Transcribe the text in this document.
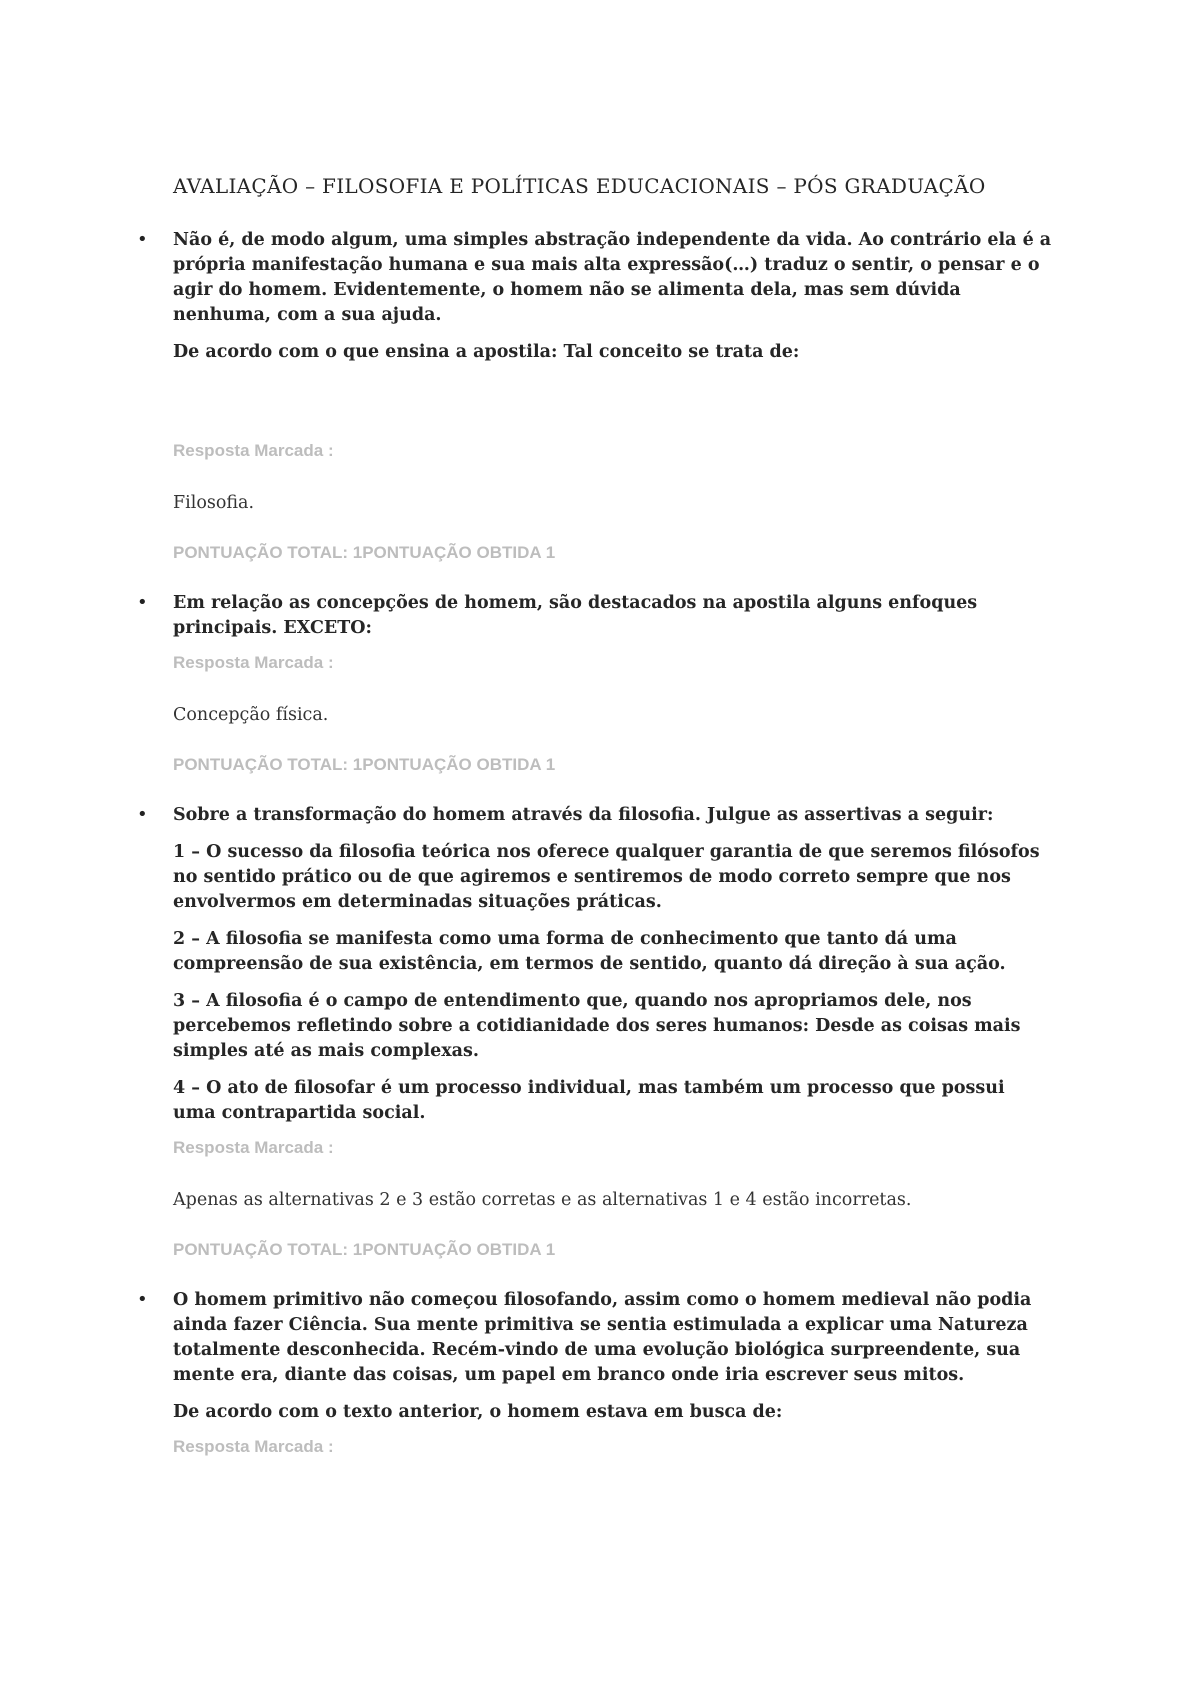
AVALIAÇÃO – FILOSOFIA E POLÍTICAS EDUCACIONAIS – PÓS GRADUAÇÃO
• Não é, de modo algum, uma simples abstração independente da vida. Ao contrário ela é a própria manifestação humana e sua mais alta expressão(…) traduz o sentir, o pensar e o agir do homem. Evidentemente, o homem não se alimenta dela, mas sem dúvida nenhuma, com a sua ajuda.

De acordo com o que ensina a apostila: Tal conceito se trata de:

Resposta Marcada :

Filosofia.

PONTUAÇÃO TOTAL: 1PONTUAÇÃO OBTIDA 1

• Em relação as concepções de homem, são destacados na apostila alguns enfoques principais. EXCETO:

Resposta Marcada :

Concepção física.

PONTUAÇÃO TOTAL: 1PONTUAÇÃO OBTIDA 1

• Sobre a transformação do homem através da filosofia. Julgue as assertivas a seguir:

1 – O sucesso da filosofia teórica nos oferece qualquer garantia de que seremos filósofos no sentido prático ou de que agiremos e sentiremos de modo correto sempre que nos envolvermos em determinadas situações práticas.

2 – A filosofia se manifesta como uma forma de conhecimento que tanto dá uma compreensão de sua existência, em termos de sentido, quanto dá direção à sua ação.

3 – A filosofia é o campo de entendimento que, quando nos apropriamos dele, nos percebemos refletindo sobre a cotidianidade dos seres humanos: Desde as coisas mais simples até as mais complexas.

4 – O ato de filosofar é um processo individual, mas também um processo que possui uma contrapartida social.

Resposta Marcada :

Apenas as alternativas 2 e 3 estão corretas e as alternativas 1 e 4 estão incorretas.

PONTUAÇÃO TOTAL: 1PONTUAÇÃO OBTIDA 1

• O homem primitivo não começou filosofando, assim como o homem medieval não podia ainda fazer Ciência. Sua mente primitiva se sentia estimulada a explicar uma Natureza totalmente desconhecida. Recém-vindo de uma evolução biológica surpreendente, sua mente era, diante das coisas, um papel em branco onde iria escrever seus mitos.

De acordo com o texto anterior, o homem estava em busca de:

Resposta Marcada :
